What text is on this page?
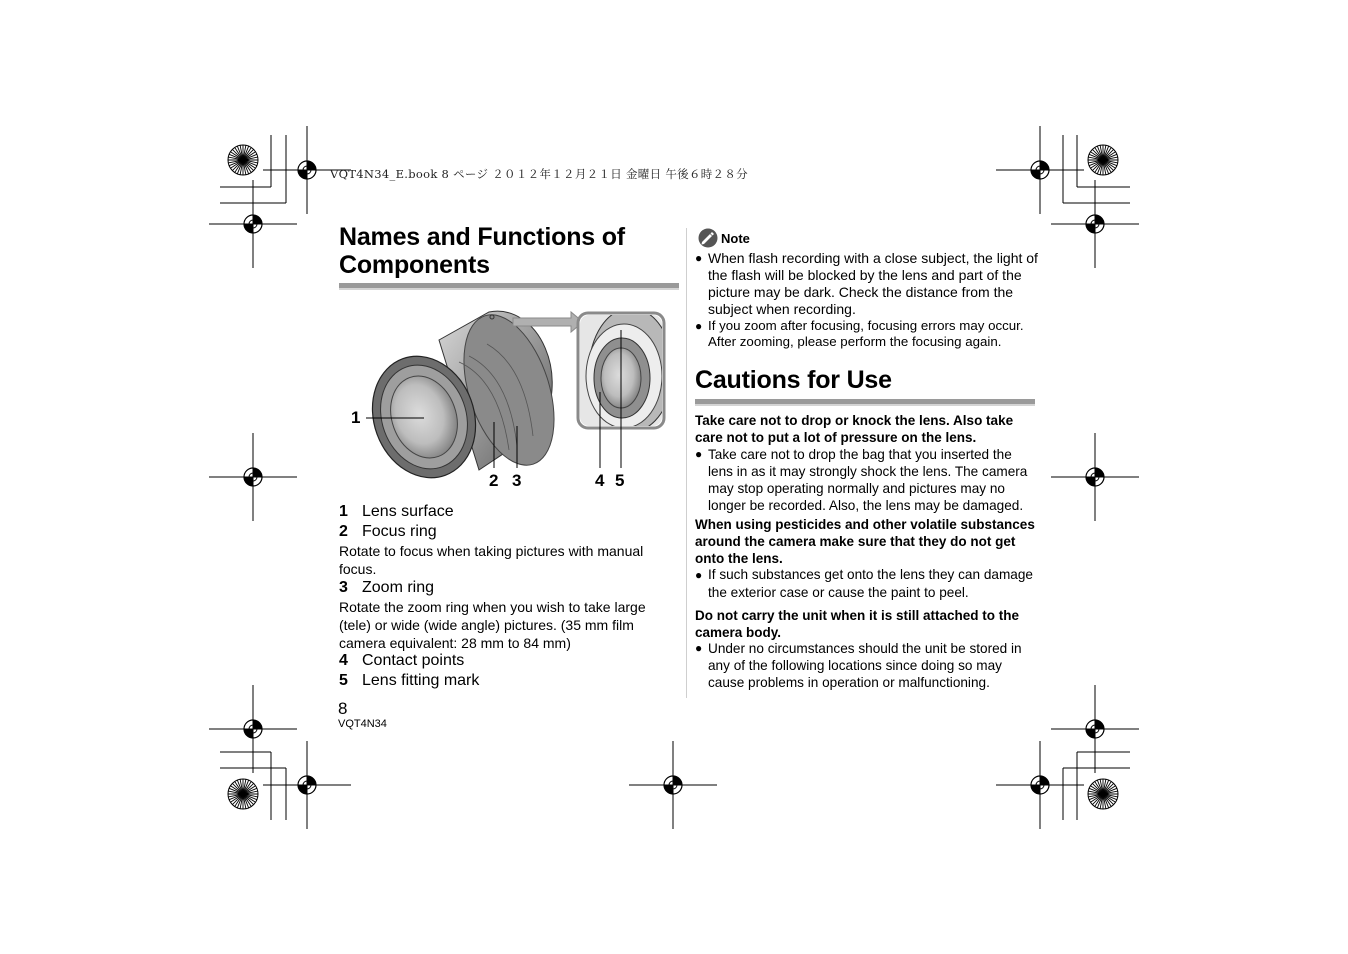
VQT4N34_E.book 8 ページ ２０１２年１２月２１日 金曜日 午後６時２８分
Names and Functions of
Components
1
2 3	4 5
1 Lens surface
2 Focus ring
Rotate to focus when taking pictures with manual focus.
3 Zoom ring
Rotate the zoom ring when you wish to take large (tele) or wide (wide angle) pictures. (35 mm film camera equivalent: 28 mm to 84 mm)
4 Contact points
5 Lens fitting mark
8
VQT4N34
Note
● When flash recording with a close subject, the light of the flash will be blocked by the lens and part of the picture may be dark. Check the distance from the subject when recording.
● If you zoom after focusing, focusing errors may occur. After zooming, please perform the focusing again.
Cautions for Use
Take care not to drop or knock the lens. Also take care not to put a lot of pressure on the lens.
● Take care not to drop the bag that you inserted the lens in as it may strongly shock the lens. The camera may stop operating normally and pictures may no longer be recorded. Also, the lens may be damaged.
When using pesticides and other volatile substances around the camera make sure that they do not get onto the lens.
● If such substances get onto the lens they can damage the exterior case or cause the paint to peel.
Do not carry the unit when it is still attached to the camera body.
● Under no circumstances should the unit be stored in any of the following locations since doing so may cause problems in operation or malfunctioning.
